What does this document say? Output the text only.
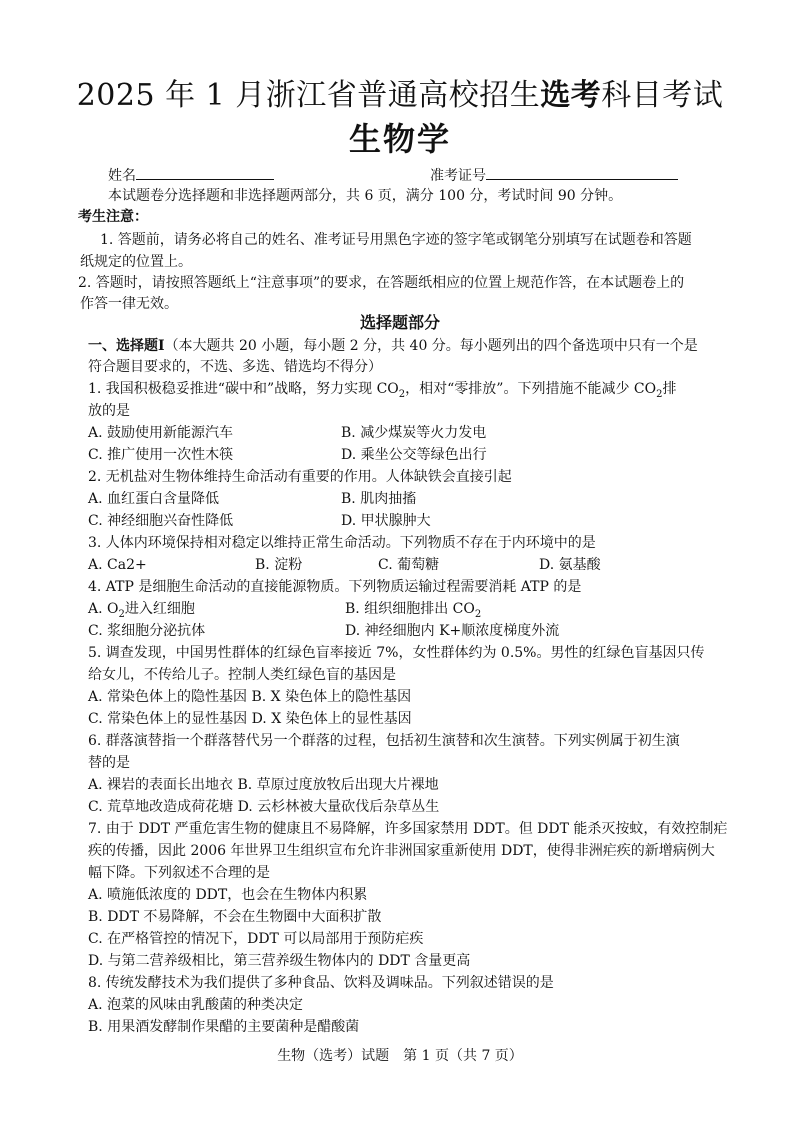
2025 年 1 月浙江省普通高校招生选考科目考试
生物学
姓名	准考证号
本试题卷分选择题和非选择题两部分，共 6 页，满分 100 分，考试时间 90 分钟。
考生注意：
1. 答题前，请务必将自己的姓名、准考证号用黑色字迹的签字笔或钢笔分别填写在试题卷和答题
纸规定的位置上。
2. 答题时，请按照答题纸上“注意事项”的要求，在答题纸相应的位置上规范作答，在本试题卷上的
作答一律无效。
选择题部分
一、选择题Ⅰ（本大题共 20 小题，每小题 2 分，共 40 分。每小题列出的四个备选项中只有一个是
符合题目要求的，不选、多选、错选均不得分）
1. 我国积极稳妥推进“碳中和”战略，努力实现 $CO_2$，相对“零排放”。下列措施不能减少 $CO_2$排
放的是
A. 鼓励使用新能源汽车	B. 减少煤炭等火力发电
C. 推广使用一次性木筷	D. 乘坐公交等绿色出行
2. 无机盐对生物体维持生命活动有重要的作用。人体缺铁会直接引起
A. 血红蛋白含量降低	B. 肌肉抽搐
C. 神经细胞兴奋性降低	D. 甲状腺肿大
3. 人体内环境保持相对稳定以维持正常生命活动。下列物质不存在于内环境中的是
A. Ca2+	B. 淀粉	C. 葡萄糖	D. 氨基酸
4. ATP 是细胞生命活动的直接能源物质。下列物质运输过程需要消耗 ATP 的是
A. $O_2$进入红细胞	B. 组织细胞排出 $CO_2$
C. 浆细胞分泌抗体	D. 神经细胞内 K+顺浓度梯度外流
5. 调查发现，中国男性群体的红绿色盲率接近 7%，女性群体约为 0.5%。男性的红绿色盲基因只传
给女儿，不传给儿子。控制人类红绿色盲的基因是
A. 常染色体上的隐性基因 B. X 染色体上的隐性基因
C. 常染色体上的显性基因 D. X 染色体上的显性基因
6. 群落演替指一个群落替代另一个群落的过程，包括初生演替和次生演替。下列实例属于初生演
替的是
A. 裸岩的表面长出地衣 B. 草原过度放牧后出现大片裸地
C. 荒草地改造成荷花塘 D. 云杉林被大量砍伐后杂草丛生
7. 由于 DDT 严重危害生物的健康且不易降解，许多国家禁用 DDT。但 DDT 能杀灭按蚊，有效控制疟
疾的传播，因此 2006 年世界卫生组织宣布允许非洲国家重新使用 DDT，使得非洲疟疾的新增病例大
幅下降。下列叙述不合理的是
A. 喷施低浓度的 DDT，也会在生物体内积累
B. DDT 不易降解，不会在生物圈中大面积扩散
C. 在严格管控的情况下，DDT 可以局部用于预防疟疾
D. 与第二营养级相比，第三营养级生物体内的 DDT 含量更高
8. 传统发酵技术为我们提供了多种食品、饮料及调味品。下列叙述错误的是
A. 泡菜的风味由乳酸菌的种类决定
B. 用果酒发酵制作果醋的主要菌种是醋酸菌
生物（选考）试题　第 1 页（共 7 页）
